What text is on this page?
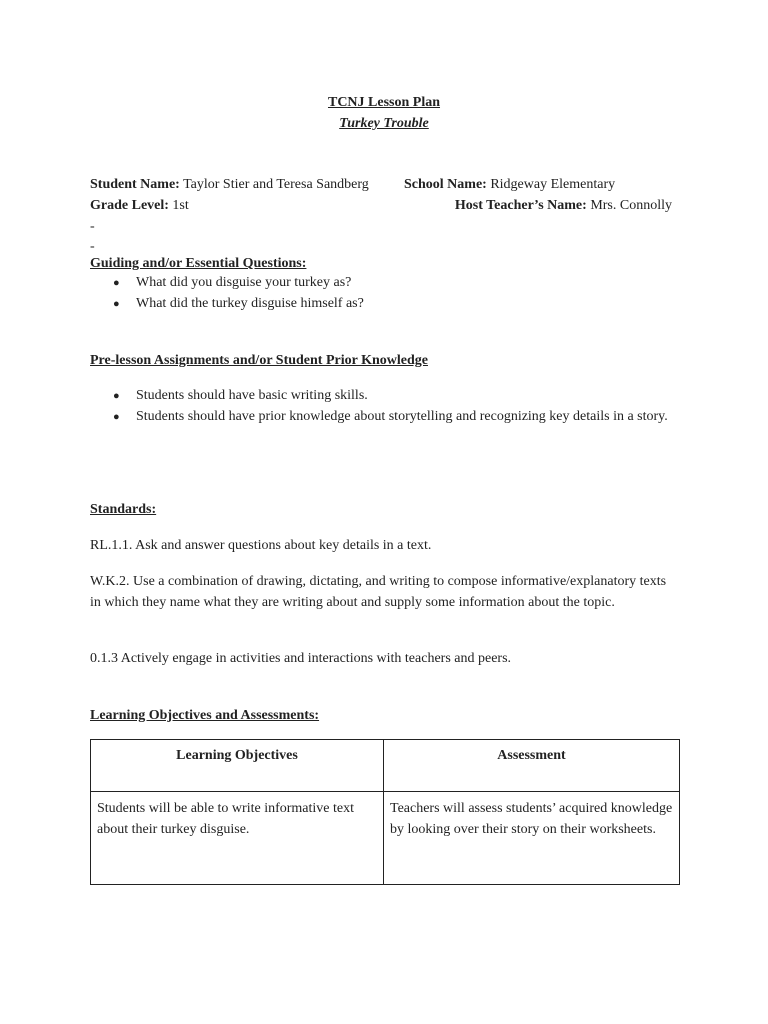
TCNJ Lesson Plan
Turkey Trouble
Student Name: Taylor Stier and Teresa Sandberg	School Name: Ridgeway Elementary
Grade Level: 1st	Host Teacher’s Name: Mrs. Connolly
-
-
Guiding and/or Essential Questions:
● What did you disguise your turkey as?
● What did the turkey disguise himself as?
Pre-lesson Assignments and/or Student Prior Knowledge
● Students should have basic writing skills.
● Students should have prior knowledge about storytelling and recognizing key details in a story.
Standards:

RL.1.1. Ask and answer questions about key details in a text.

W.K.2. Use a combination of drawing, dictating, and writing to compose informative/explanatory texts in which they name what they are writing about and supply some information about the topic.

0.1.3 Actively engage in activities and interactions with teachers and peers.

Learning Objectives and Assessments:
Learning Objectives	Assessment
Students will be able to write informative text about their turkey disguise.	Teachers will assess students’ acquired knowledge by looking over their story on their worksheets.
